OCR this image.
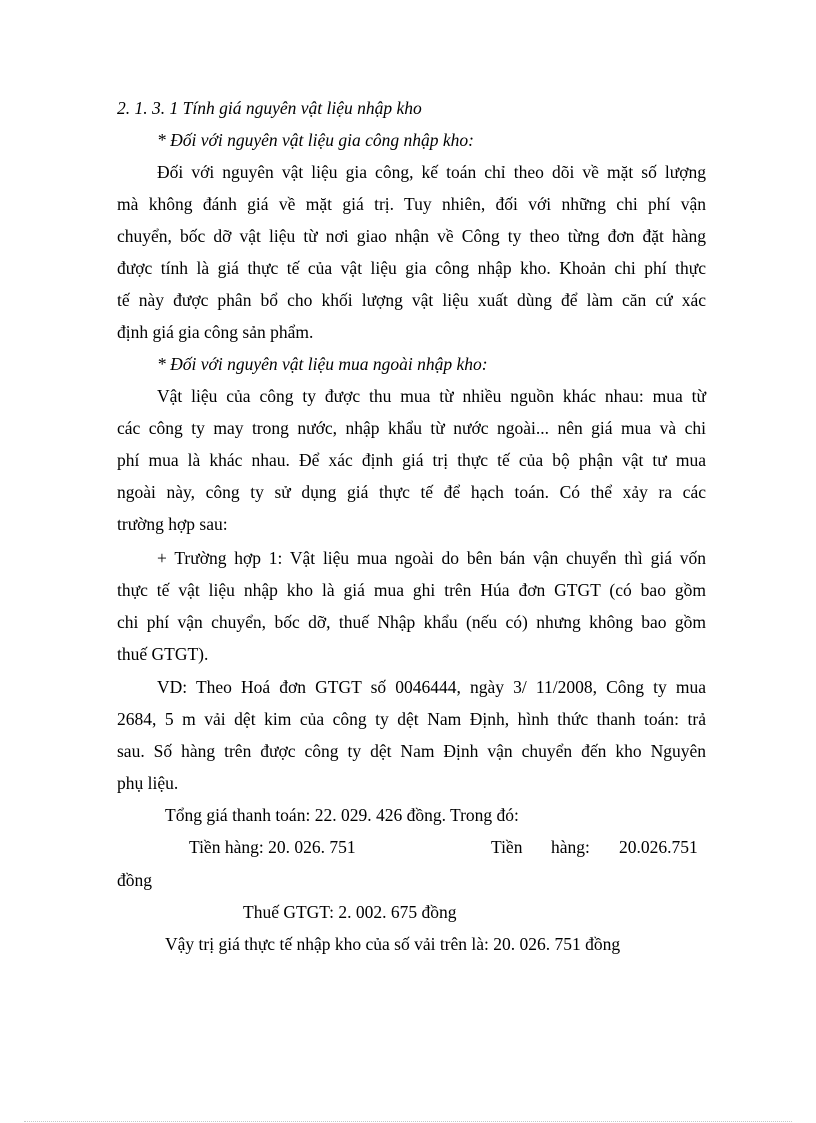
2. 1. 3. 1 Tính giá nguyên vật liệu nhập kho
* Đối với nguyên vật liệu gia công nhập kho:
Đối với nguyên vật liệu gia công, kế toán chỉ theo dõi về mặt số lượng
mà không đánh giá về mặt giá trị. Tuy nhiên, đối với những chi phí vận
chuyển, bốc dỡ vật liệu từ nơi giao nhận về Công ty theo từng đơn đặt hàng
được tính là giá thực tế của vật liệu gia công nhập kho. Khoản chi phí thực
tế này được phân bổ cho khối lượng vật liệu xuất dùng để làm căn cứ xác
định giá gia công sản phẩm.
* Đối với nguyên vật liệu mua ngoài nhập kho:
Vật liệu của công ty được thu mua từ nhiều nguồn khác nhau: mua từ
các công ty may trong nước, nhập khẩu từ nước ngoài... nên giá mua và chi
phí mua là khác nhau. Để xác định giá trị thực tế của bộ phận vật tư mua
ngoài này, công ty sử dụng giá thực tế để hạch toán. Có thể xảy ra các
trường hợp sau:
+ Trường hợp 1: Vật liệu mua ngoài do bên bán vận chuyển thì giá vốn
thực tế vật liệu nhập kho là giá mua ghi trên Húa đơn GTGT (có bao gồm
chi phí vận chuyển, bốc dỡ, thuế Nhập khẩu (nếu có) nhưng không bao gồm
thuế GTGT).
VD: Theo Hoá đơn GTGT số 0046444, ngày 3/ 11/2008, Công ty mua
2684, 5 m vải dệt kim của công ty dệt Nam Định, hình thức thanh toán: trả
sau. Số hàng trên được công ty dệt Nam Định vận chuyển đến kho Nguyên
phụ liệu.
Tổng giá thanh toán: 22. 029. 426 đồng. Trong đó:
Tiền hàng: 20. 026. 751	Tiền hàng: 20.026.751
đồng
Thuế GTGT: 2. 002. 675 đồng
Vậy trị giá thực tế nhập kho của số vải trên là: 20. 026. 751 đồng
